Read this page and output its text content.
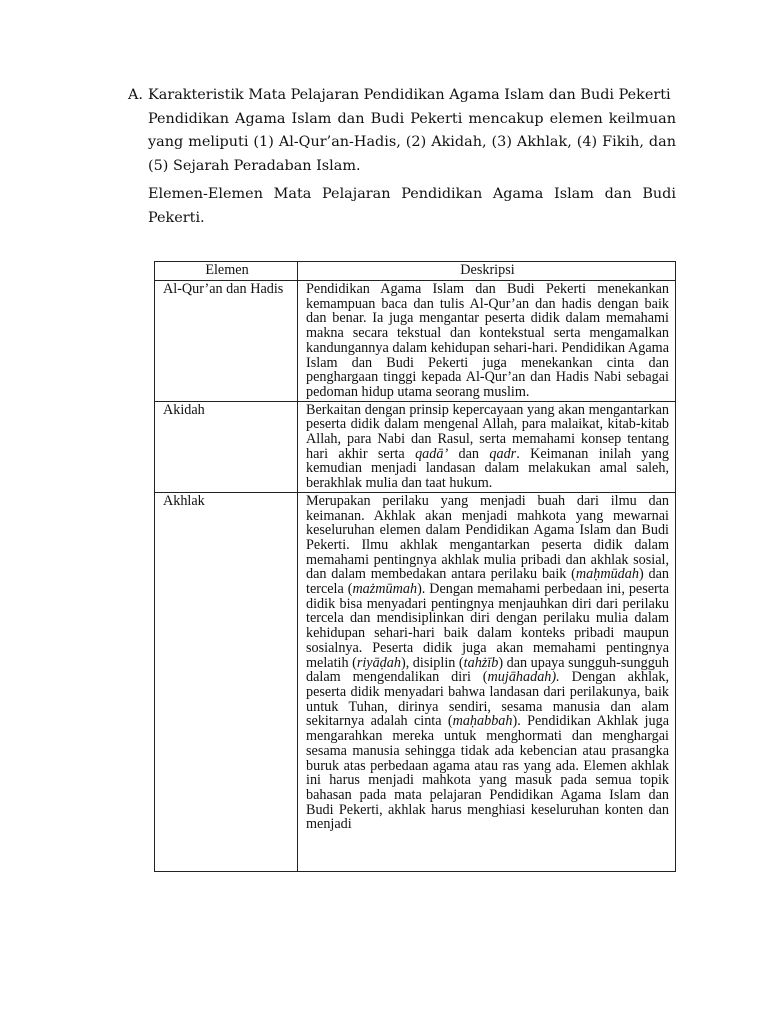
A. Karakteristik Mata Pelajaran Pendidikan Agama Islam dan Budi Pekerti

Pendidikan Agama Islam dan Budi Pekerti mencakup elemen keilmuan yang meliputi (1) Al-Qur’an-Hadis, (2) Akidah, (3) Akhlak, (4) Fikih, dan (5) Sejarah Peradaban Islam.

Elemen-Elemen Mata Pelajaran Pendidikan Agama Islam dan Budi Pekerti.

Elemen	Deskripsi
Al-Qur’an dan Hadis	Pendidikan Agama Islam dan Budi Pekerti menekankan kemampuan baca dan tulis Al-Qur’an dan hadis dengan baik dan benar. Ia juga mengantar peserta didik dalam memahami makna secara tekstual dan kontekstual serta mengamalkan kandungannya dalam kehidupan sehari-hari. Pendidikan Agama Islam dan Budi Pekerti juga menekankan cinta dan penghargaan tinggi kepada Al-Qur’an dan Hadis Nabi sebagai pedoman hidup utama seorang muslim.
Akidah	Berkaitan dengan prinsip kepercayaan yang akan mengantarkan peserta didik dalam mengenal Allah, para malaikat, kitab-kitab Allah, para Nabi dan Rasul, serta memahami konsep tentang hari akhir serta qadā’ dan qadr. Keimanan inilah yang kemudian menjadi landasan dalam melakukan amal saleh, berakhlak mulia dan taat hukum.
Akhlak	Merupakan perilaku yang menjadi buah dari ilmu dan keimanan. Akhlak akan menjadi mahkota yang mewarnai keseluruhan elemen dalam Pendidikan Agama Islam dan Budi Pekerti. Ilmu akhlak mengantarkan peserta didik dalam memahami pentingnya akhlak mulia pribadi dan akhlak sosial, dan dalam membedakan antara perilaku baik (maḥmūdah) dan tercela (mażmūmah). Dengan memahami perbedaan ini, peserta didik bisa menyadari pentingnya menjauhkan diri dari perilaku tercela dan mendisiplinkan diri dengan perilaku mulia dalam kehidupan sehari-hari baik dalam konteks pribadi maupun sosialnya. Peserta didik juga akan memahami pentingnya melatih (riyāḍah), disiplin (tahżīb) dan upaya sungguh-sungguh dalam mengendalikan diri (mujāhadah). Dengan akhlak, peserta didik menyadari bahwa landasan dari perilakunya, baik untuk Tuhan, dirinya sendiri, sesama manusia dan alam sekitarnya adalah cinta (maḥabbah). Pendidikan Akhlak juga mengarahkan mereka untuk menghormati dan menghargai sesama manusia sehingga tidak ada kebencian atau prasangka buruk atas perbedaan agama atau ras yang ada. Elemen akhlak ini harus menjadi mahkota yang masuk pada semua topik bahasan pada mata pelajaran Pendidikan Agama Islam dan Budi Pekerti, akhlak harus menghiasi keseluruhan konten dan menjadi
